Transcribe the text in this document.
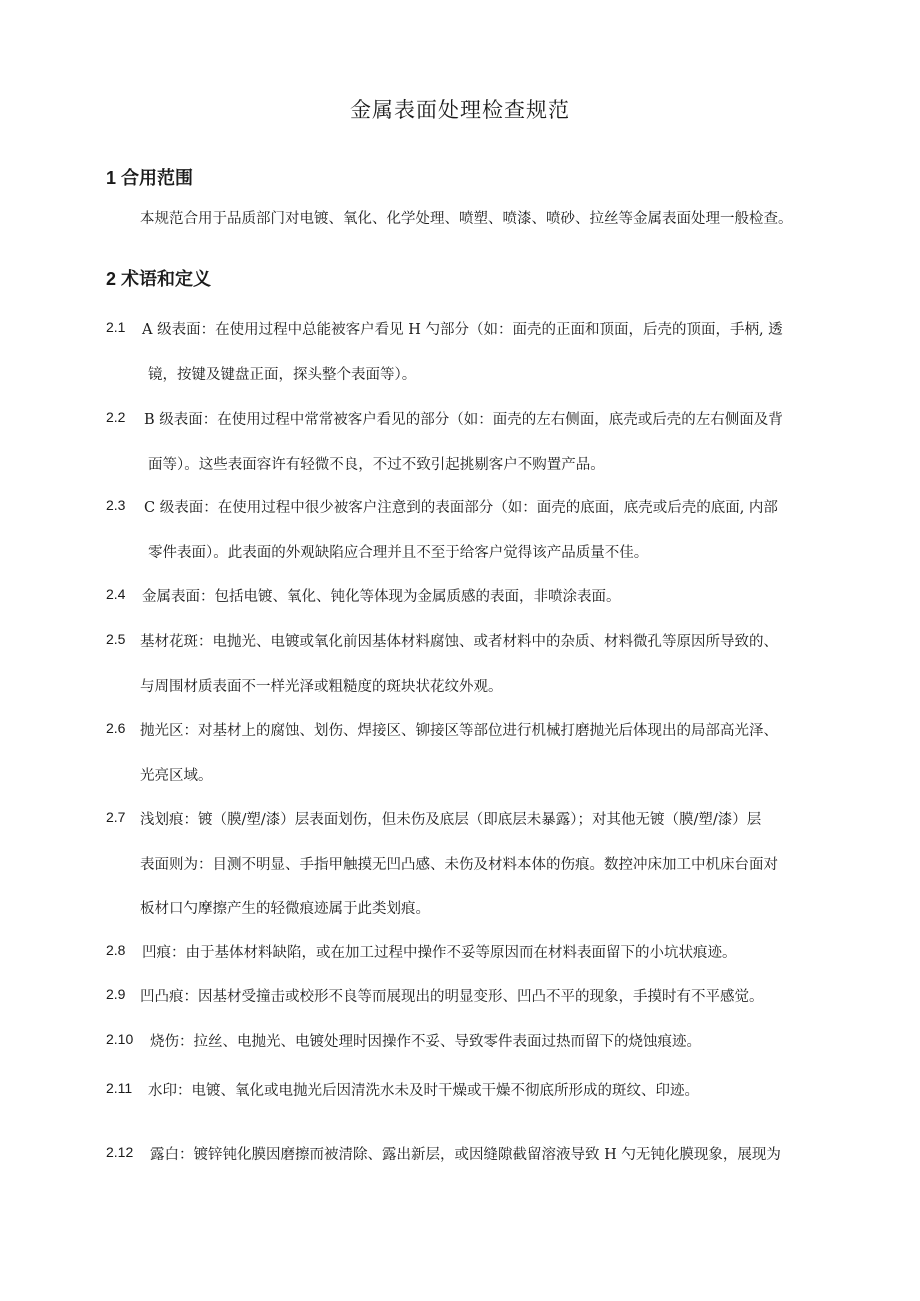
金属表面处理检查规范
1 合用范围
本规范合用于品质部门对电镀、氧化、化学处理、喷塑、喷漆、喷砂、拉丝等金属表面处理一般检查。
2 术语和定义
2.1 A 级表面：在使用过程中总能被客户看见 H 勺部分（如：面壳的正面和顶面，后壳的顶面，手柄, 透
镜，按键及键盘正面，探头整个表面等）。
2.2 B 级表面：在使用过程中常常被客户看见的部分（如：面壳的左右侧面，底壳或后壳的左右侧面及背
面等）。这些表面容许有轻微不良，不过不致引起挑剔客户不购置产品。
2.3 C 级表面：在使用过程中很少被客户注意到的表面部分（如：面壳的底面，底壳或后壳的底面, 内部
零件表面）。此表面的外观缺陷应合理并且不至于给客户觉得该产品质量不佳。
2.4 金属表面：包括电镀、氧化、钝化等体现为金属质感的表面，非喷涂表面。
2.5 基材花斑：电抛光、电镀或氧化前因基体材料腐蚀、或者材料中的杂质、材料微孔等原因所导致的、
与周围材质表面不一样光泽或粗糙度的斑块状花纹外观。
2.6 抛光区：对基材上的腐蚀、划伤、焊接区、铆接区等部位进行机械打磨抛光后体现出的局部高光泽、
光亮区域。
2.7 浅划痕：镀（膜/塑/漆）层表面划伤，但未伤及底层（即底层未暴露）；对其他无镀（膜/塑/漆）层
表面则为：目测不明显、手指甲触摸无凹凸感、未伤及材料本体的伤痕。数控冲床加工中机床台面对
板材口勺摩擦产生的轻微痕迹属于此类划痕。
2.8 凹痕：由于基体材料缺陷，或在加工过程中操作不妥等原因而在材料表面留下的小坑状痕迹。
2.9 凹凸痕：因基材受撞击或校形不良等而展现出的明显变形、凹凸不平的现象，手摸时有不平感觉。
2.10 烧伤：拉丝、电抛光、电镀处理时因操作不妥、导致零件表面过热而留下的烧蚀痕迹。
2.11 水印：电镀、氧化或电抛光后因清洗水未及时干燥或干燥不彻底所形成的斑纹、印迹。
2.12 露白：镀锌钝化膜因磨擦而被清除、露出新层，或因缝隙截留溶液导致 H 勺无钝化膜现象，展现为
